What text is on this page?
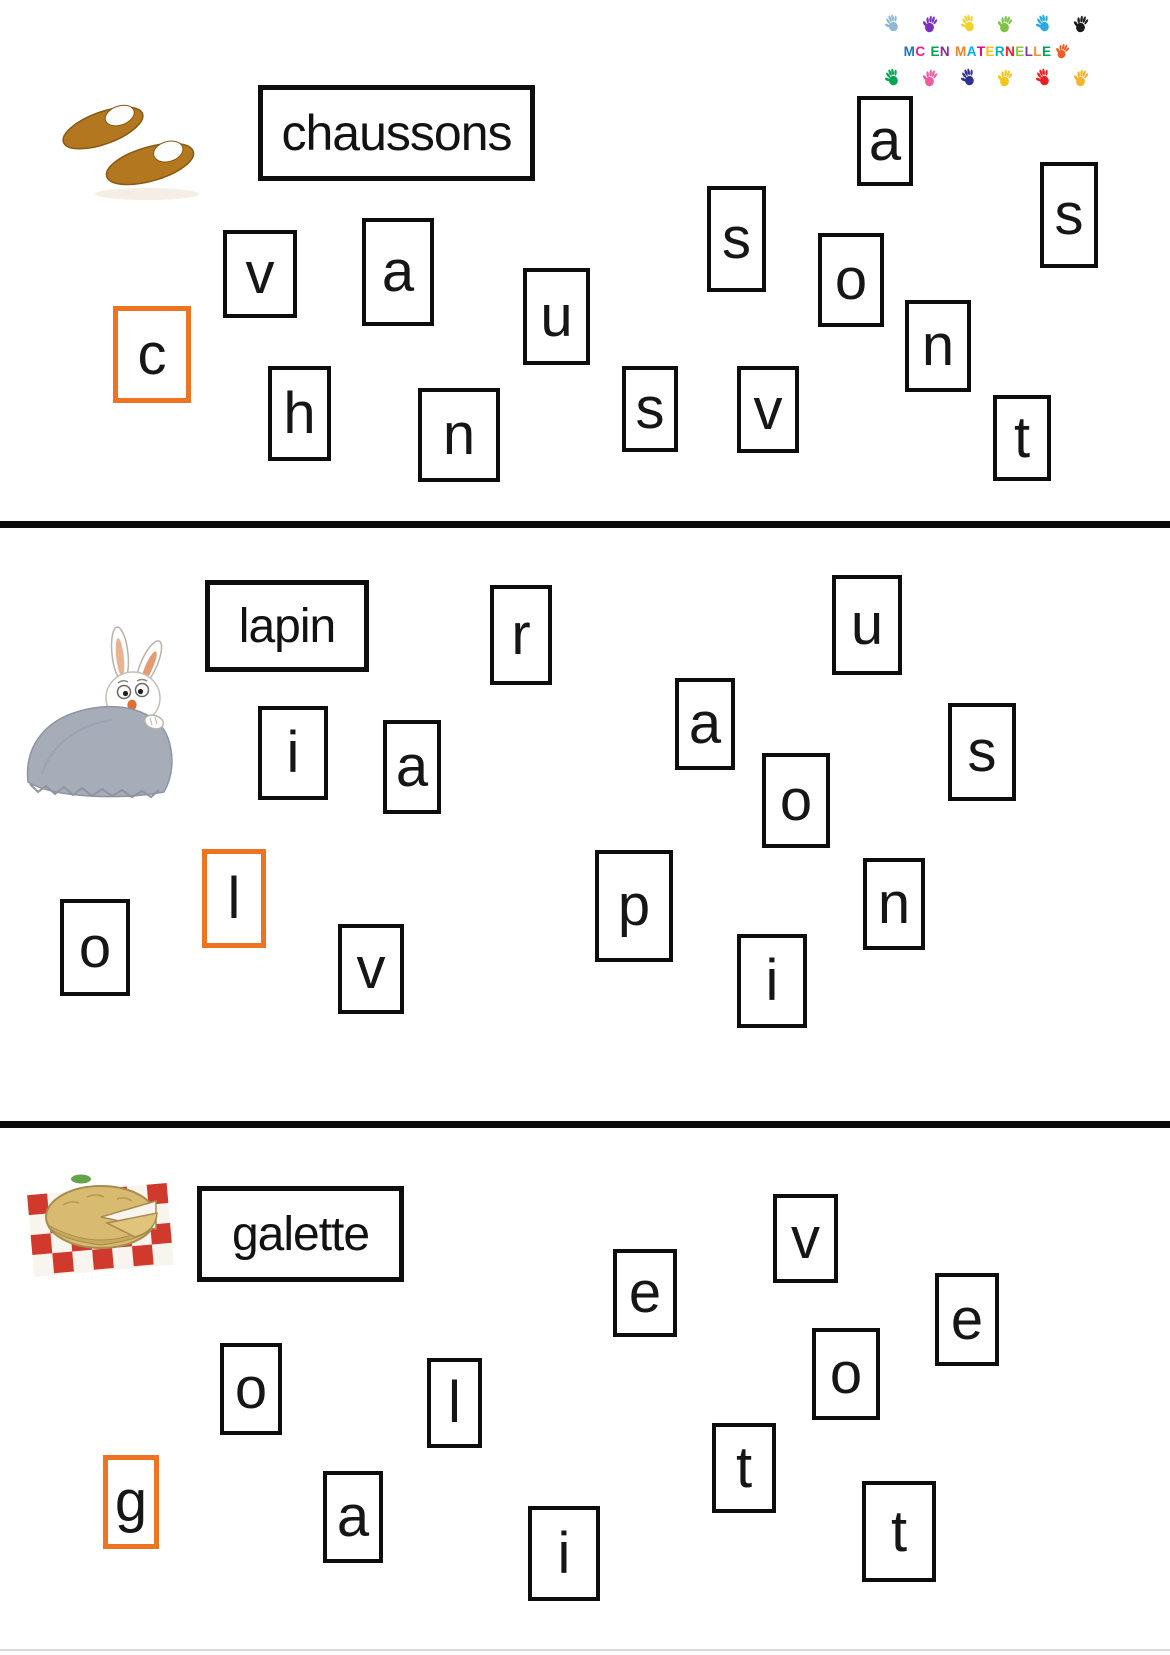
M C E N M A T E R N E L L E
chaussons	a
s
v a
s
o
u	n
c
h n	s v	t
lapin	r	u
a
i a
o
s
l	p	n
o	v	i
galette	v
e	e
o
o	l
t
g	a	t
i
